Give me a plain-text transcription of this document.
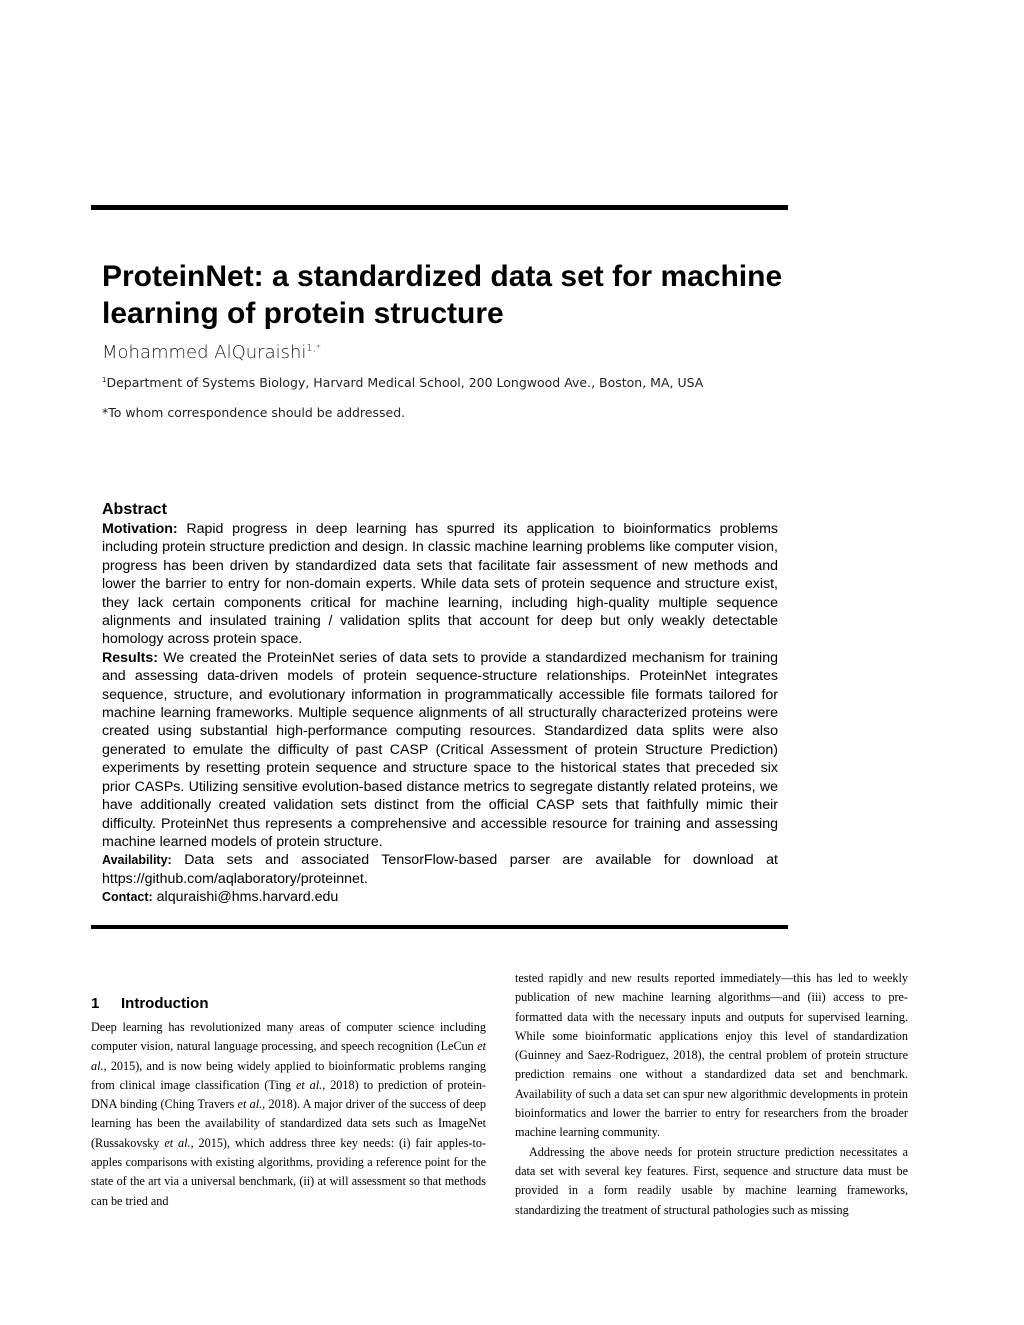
ProteinNet: a standardized data set for machine learning of protein structure

Mohammed AlQuraishi$^{1,*}$

$^1$Department of Systems Biology, Harvard Medical School, 200 Longwood Ave., Boston, MA, USA

*To whom correspondence should be addressed.

Abstract

Motivation: Rapid progress in deep learning has spurred its application to bioinformatics problems including protein structure prediction and design. In classic machine learning problems like computer vision, progress has been driven by standardized data sets that facilitate fair assessment of new methods and lower the barrier to entry for non-domain experts. While data sets of protein sequence and structure exist, they lack certain components critical for machine learning, including high-quality multiple sequence alignments and insulated training / validation splits that account for deep but only weakly detectable homology across protein space.

Results: We created the ProteinNet series of data sets to provide a standardized mechanism for training and assessing data-driven models of protein sequence-structure relationships. ProteinNet integrates sequence, structure, and evolutionary information in programmatically accessible file formats tailored for machine learning frameworks. Multiple sequence alignments of all structurally characterized proteins were created using substantial high-performance computing resources. Standardized data splits were also generated to emulate the difficulty of past CASP (Critical Assessment of protein Structure Prediction) experiments by resetting protein sequence and structure space to the historical states that preceded six prior CASPs. Utilizing sensitive evolution-based distance metrics to segregate distantly related proteins, we have additionally created validation sets distinct from the official CASP sets that faithfully mimic their difficulty. ProteinNet thus represents a comprehensive and accessible resource for training and assessing machine learned models of protein structure.

Availability: Data sets and associated TensorFlow-based parser are available for download at https://github.com/aqlaboratory/proteinnet.

Contact: alquraishi@hms.harvard.edu

1 Introduction

Deep learning has revolutionized many areas of computer science including computer vision, natural language processing, and speech recognition (LeCun et al., 2015), and is now being widely applied to bioinformatic problems ranging from clinical image classification (Ting et al., 2018) to prediction of protein-DNA binding (Ching Travers et al., 2018). A major driver of the success of deep learning has been the availability of standardized data sets such as ImageNet (Russakovsky et al., 2015), which address three key needs: (i) fair apples-to-apples comparisons with existing algorithms, providing a reference point for the state of the art via a universal benchmark, (ii) at will assessment so that methods can be tried and

tested rapidly and new results reported immediately—this has led to weekly publication of new machine learning algorithms—and (iii) access to pre-formatted data with the necessary inputs and outputs for supervised learning. While some bioinformatic applications enjoy this level of standardization (Guinney and Saez-Rodriguez, 2018), the central problem of protein structure prediction remains one without a standardized data set and benchmark. Availability of such a data set can spur new algorithmic developments in protein bioinformatics and lower the barrier to entry for researchers from the broader machine learning community.

Addressing the above needs for protein structure prediction necessitates a data set with several key features. First, sequence and structure data must be provided in a form readily usable by machine learning frameworks, standardizing the treatment of structural pathologies such as missing
